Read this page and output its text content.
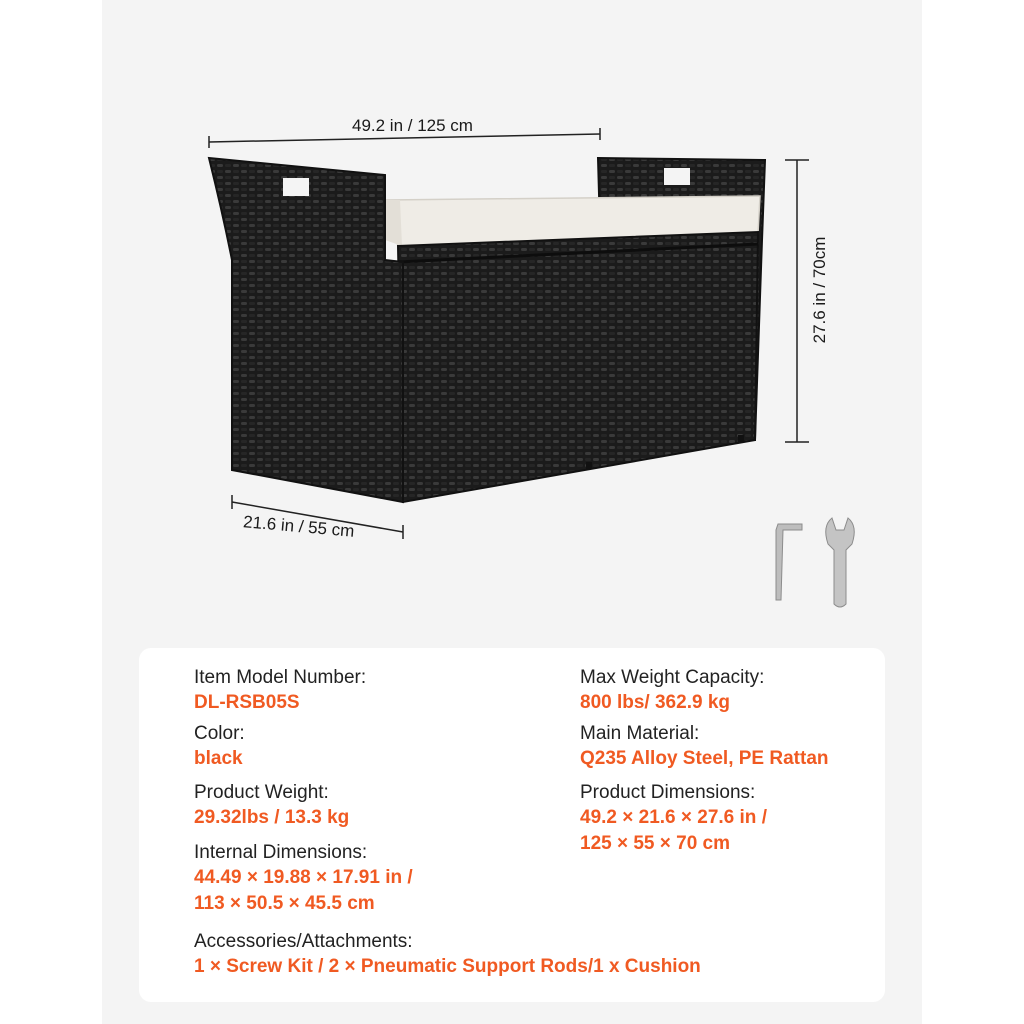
49.2 in / 125 cm
27.6 in / 70cm
21.6 in / 55 cm
Item Model Number:
DL-RSB05S
Color:
black
Product Weight:
29.32lbs / 13.3 kg
Internal Dimensions:
44.49 × 19.88 × 17.91 in /
113 × 50.5 × 45.5 cm
Max Weight Capacity:
800 lbs/ 362.9 kg
Main Material:
Q235 Alloy Steel, PE Rattan
Product Dimensions:
49.2 × 21.6 × 27.6 in /
125 × 55 × 70 cm
Accessories/Attachments:
1 × Screw Kit / 2 × Pneumatic Support Rods/1 x Cushion
